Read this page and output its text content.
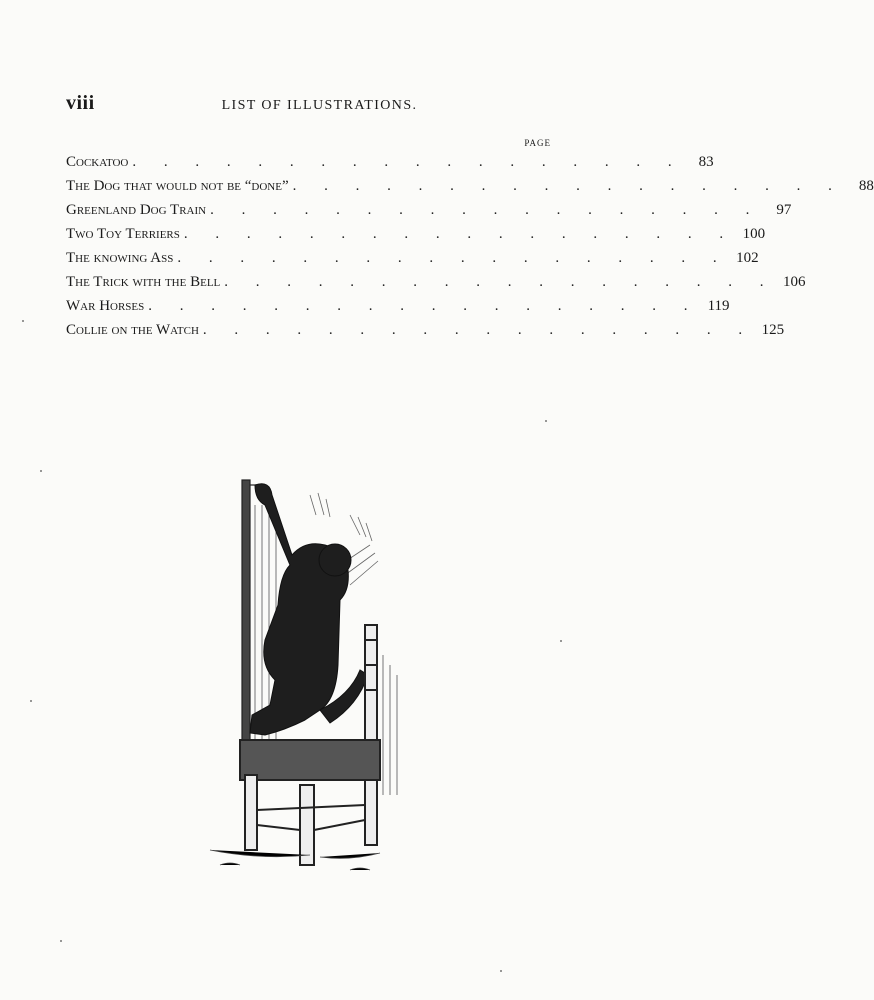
viii	LIST OF ILLUSTRATIONS.
PAGE
Cockatoo . . . . . . . . . . . . . . . . . .	83
The Dog that would not be “done” . . . . . . . . . . . . . . . . . .	88
Greenland Dog Train . . . . . . . . . . . . . . . . . .	97
Two Toy Terriers . . . . . . . . . . . . . . . . . . 100
The knowing Ass . . . . . . . . . . . . . . . . . . 102
The Trick with the Bell . . . . . . . . . . . . . . . . . . 106
War Horses . . . . . . . . . . . . . . . . . . 119
Collie on the Watch . . . . . . . . . . . . . . . . . . 125
